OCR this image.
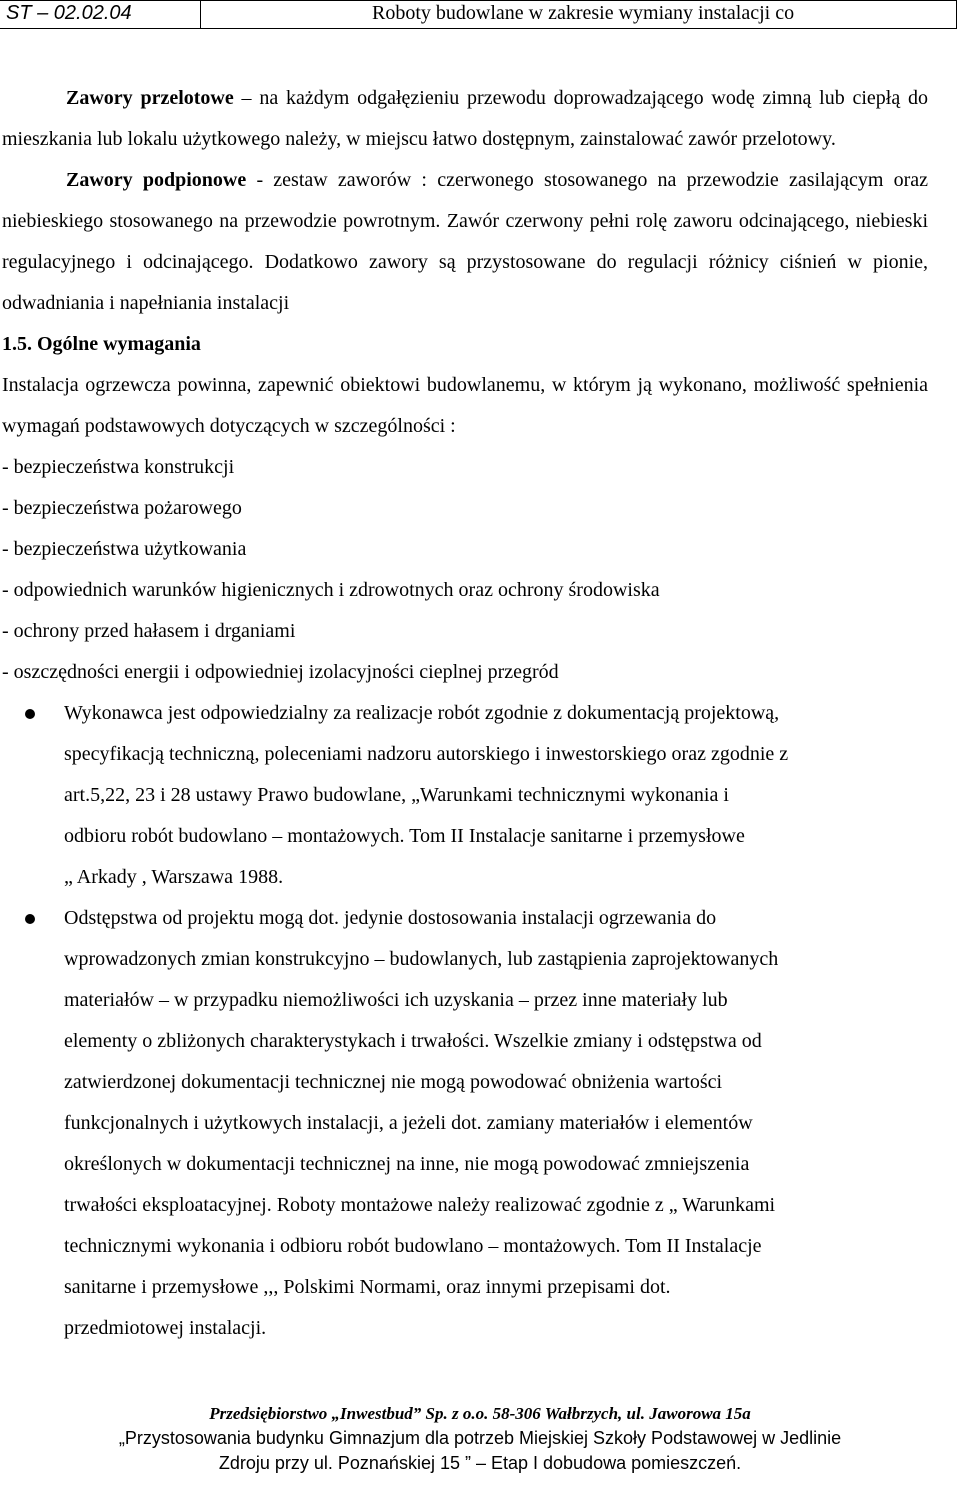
ST – 02.02.04	Roboty budowlane w zakresie wymiany instalacji co

Zawory przelotowe – na każdym odgałęzieniu przewodu doprowadzającego wodę zimną lub ciepłą do mieszkania lub lokalu użytkowego należy, w miejscu łatwo dostępnym, zainstalować zawór przelotowy.

Zawory podpionowe - zestaw zaworów : czerwonego stosowanego na przewodzie zasilającym oraz niebieskiego stosowanego na przewodzie powrotnym. Zawór czerwony pełni rolę zaworu odcinającego, niebieski regulacyjnego i odcinającego. Dodatkowo zawory są przystosowane do regulacji różnicy ciśnień w pionie, odwadniania i napełniania instalacji

1.5. Ogólne wymagania

Instalacja ogrzewcza powinna, zapewnić obiektowi budowlanemu, w którym ją wykonano, możliwość spełnienia wymagań podstawowych dotyczących w szczególności :

- bezpieczeństwa konstrukcji

- bezpieczeństwa pożarowego

- bezpieczeństwa użytkowania

- odpowiednich warunków higienicznych i zdrowotnych oraz ochrony środowiska

- ochrony przed hałasem i drganiami

- oszczędności energii i odpowiedniej izolacyjności cieplnej przegród

Wykonawca jest odpowiedzialny za realizacje robót zgodnie z dokumentacją projektową,
specyfikacją techniczną, poleceniami nadzoru autorskiego i inwestorskiego oraz zgodnie z
art.5,22, 23 i 28 ustawy Prawo budowlane, „Warunkami technicznymi wykonania i
odbioru robót budowlano – montażowych. Tom II Instalacje sanitarne i przemysłowe
„ Arkady , Warszawa 1988.
Odstępstwa od projektu mogą dot. jedynie dostosowania instalacji ogrzewania do
wprowadzonych zmian konstrukcyjno – budowlanych, lub zastąpienia zaprojektowanych
materiałów – w przypadku niemożliwości ich uzyskania – przez inne materiały lub
elementy o zbliżonych charakterystykach i trwałości. Wszelkie zmiany i odstępstwa od
zatwierdzonej dokumentacji technicznej nie mogą powodować obniżenia wartości
funkcjonalnych i użytkowych instalacji, a jeżeli dot. zamiany materiałów i elementów
określonych w dokumentacji technicznej na inne, nie mogą powodować zmniejszenia
trwałości eksploatacyjnej. Roboty montażowe należy realizować zgodnie z „ Warunkami
technicznymi wykonania i odbioru robót budowlano – montażowych. Tom II Instalacje
sanitarne i przemysłowe ,,, Polskimi Normami, oraz innymi przepisami dot.
przedmiotowej instalacji.
Przedsiębiorstwo „Inwestbud” Sp. z o.o. 58-306 Wałbrzych, ul. Jaworowa 15a
„Przystosowania budynku Gimnazjum dla potrzeb Miejskiej Szkoły Podstawowej w Jedlinie
Zdroju przy ul. Poznańskiej 15 ” – Etap I dobudowa pomieszczeń.
